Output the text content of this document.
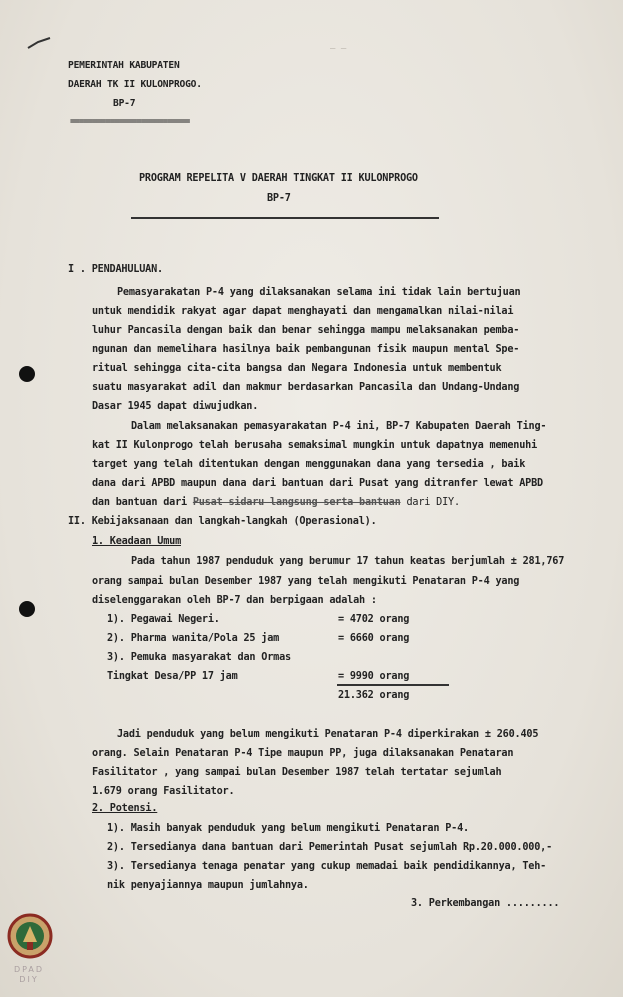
— —
PEMERINTAH KABUPATEN
DAERAH TK II KULONPROGO.
BP-7
===========================
PROGRAM REPELITA V DAERAH TINGKAT II KULONPROGO
BP-7
I . PENDAHULUAN.
Pemasyarakatan P-4 yang dilaksanakan selama ini tidak lain bertujuan
untuk mendidik rakyat agar dapat menghayati dan mengamalkan nilai-nilai
luhur Pancasila dengan baik dan benar sehingga mampu melaksanakan pemba-
ngunan dan memelihara hasilnya baik pembangunan fisik maupun mental Spe-
ritual sehingga cita-cita bangsa dan Negara Indonesia untuk membentuk
suatu masyarakat adil dan makmur berdasarkan Pancasila dan Undang-Undang
Dasar 1945 dapat diwujudkan.
Dalam melaksanakan pemasyarakatan P-4 ini, BP-7 Kabupaten Daerah Ting-
kat II Kulonprogo telah berusaha semaksimal mungkin untuk dapatnya memenuhi
target yang telah ditentukan dengan menggunakan dana yang tersedia , baik
dana dari APBD maupun dana dari bantuan dari Pusat yang ditranfer lewat APBD
dan bantuan dari Pusat sidaru langsung serta bantuan dari DIY.
II. Kebijaksanaan dan langkah-langkah (Operasional).
1. Keadaan Umum
Pada tahun 1987 penduduk yang berumur 17 tahun keatas berjumlah ± 281,767
orang sampai bulan Desember 1987 yang telah mengikuti Penataran P-4 yang
diselenggarakan oleh BP-7 dan berpigaan adalah :
1). Pegawai Negeri.	= 4702 orang
2). Pharma wanita/Pola 25 jam	= 6660 orang
3). Pemuka masyarakat dan Ormas
Tingkat Desa/PP 17 jam	= 9990 orang
21.362 orang
Jadi penduduk yang belum mengikuti Penataran P-4 diperkirakan ± 260.405
orang. Selain Penataran P-4 Tipe maupun PP, juga dilaksanakan Penataran
Fasilitator , yang sampai bulan Desember 1987 telah tertatar sejumlah
1.679 orang Fasilitator.
2. Potensi.
1). Masih banyak penduduk yang belum mengikuti Penataran P-4.
2). Tersedianya dana bantuan dari Pemerintah Pusat sejumlah Rp.20.000.000,-
3). Tersedianya tenaga penatar yang cukup memadai baik pendidikannya, Teh-
nik penyajiannya maupun jumlahnya.
3. Perkembangan .........
DPAD
DIY
